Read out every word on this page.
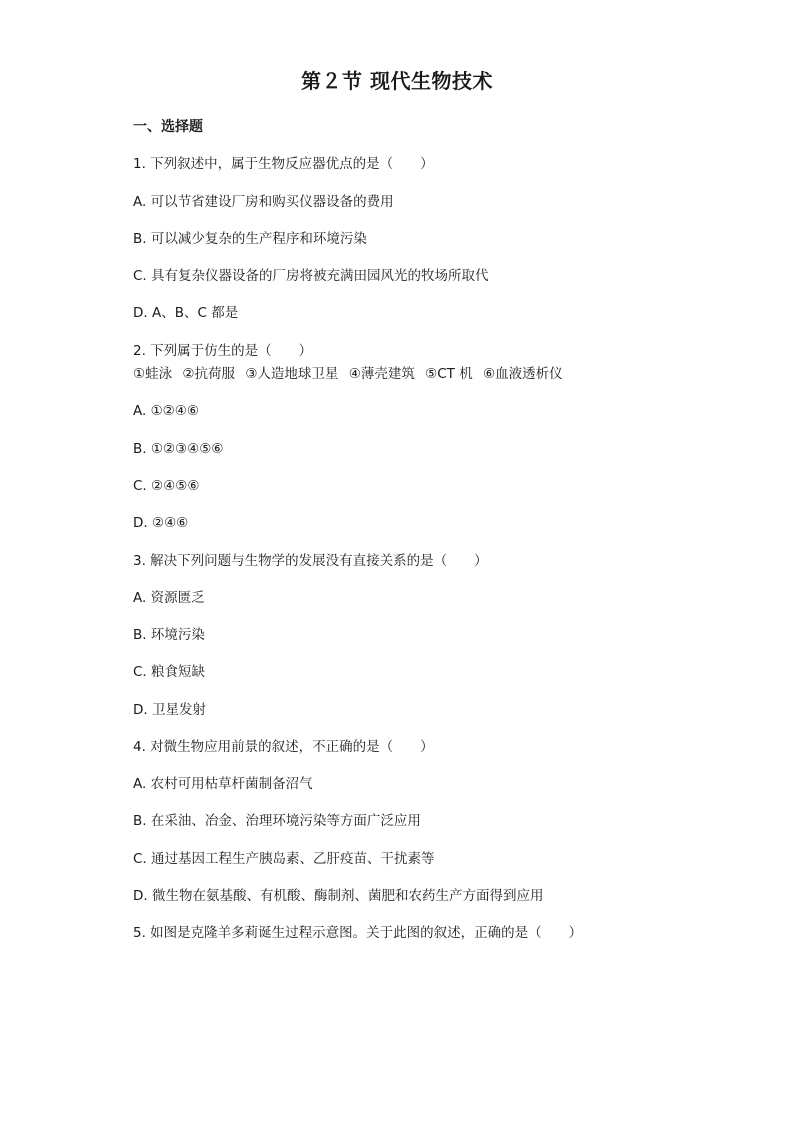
第２节 现代生物技术
一、选择题
1. 下列叙述中，属于生物反应器优点的是（　　）
A. 可以节省建设厂房和购买仪器设备的费用
B. 可以减少复杂的生产程序和环境污染
C. 具有复杂仪器设备的厂房将被充满田园风光的牧场所取代
D. A、B、C 都是
2. 下列属于仿生的是（　　）
①蛙泳 ②抗荷服 ③人造地球卫星 ④薄壳建筑 ⑤CT 机 ⑥血液透析仪
A. ①②④⑥
B. ①②③④⑤⑥
C. ②④⑤⑥
D. ②④⑥
3. 解决下列问题与生物学的发展没有直接关系的是（　　）
A. 资源匮乏
B. 环境污染
C. 粮食短缺
D. 卫星发射
4. 对微生物应用前景的叙述，不正确的是（　　）
A. 农村可用枯草杆菌制备沼气
B. 在采油、冶金、治理环境污染等方面广泛应用
C. 通过基因工程生产胰岛素、乙肝疫苗、干扰素等
D. 微生物在氨基酸、有机酸、酶制剂、菌肥和农药生产方面得到应用
5. 如图是克隆羊多莉诞生过程示意图。关于此图的叙述，正确的是（　　）
